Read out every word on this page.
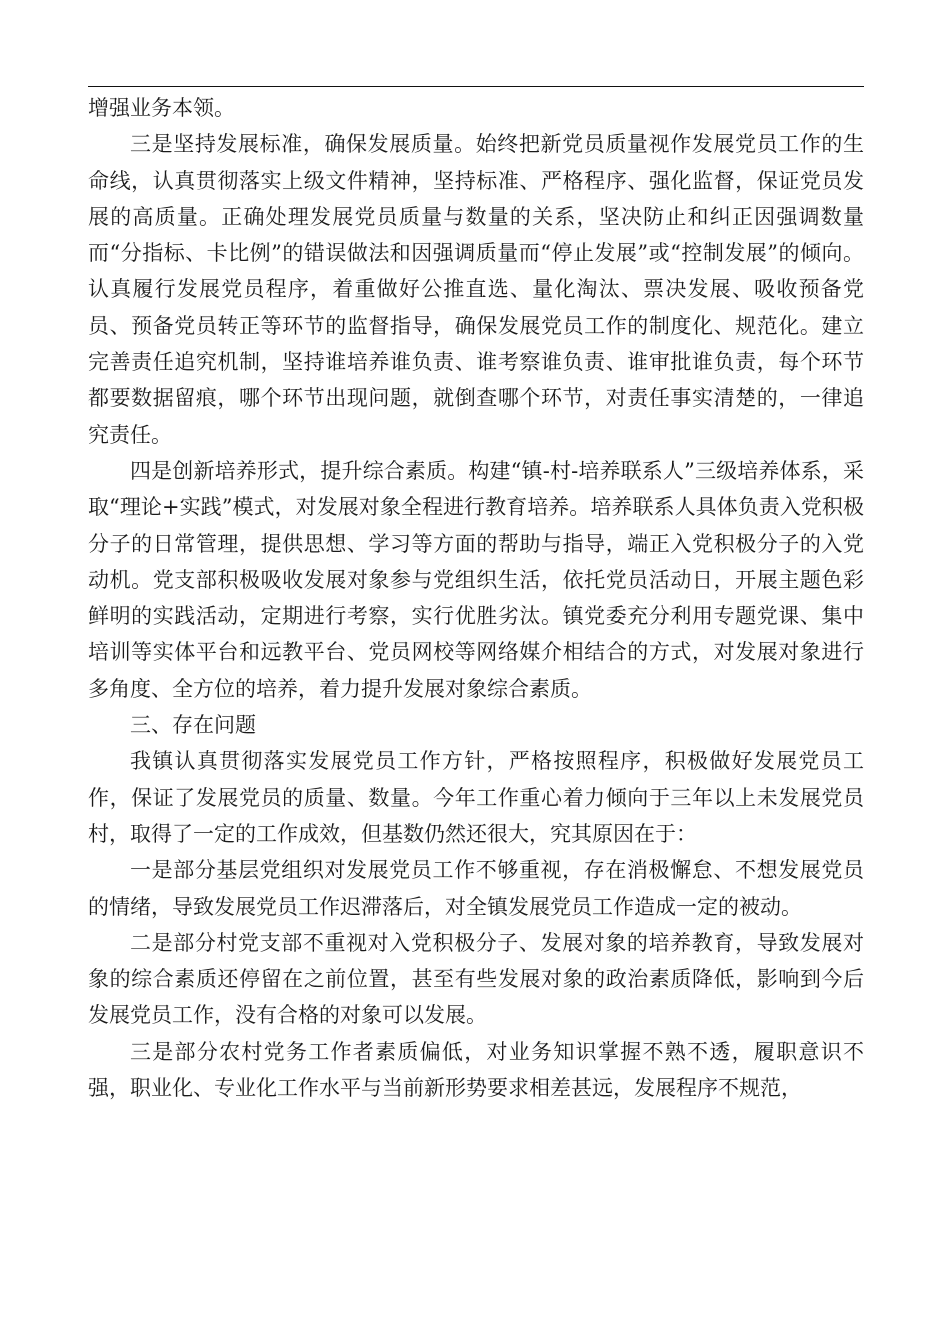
增强业务本领。

三是坚持发展标准，确保发展质量。始终把新党员质量视作发展党员工作的生命线，认真贯彻落实上级文件精神，坚持标准、严格程序、强化监督，保证党员发展的高质量。正确处理发展党员质量与数量的关系，坚决防止和纠正因强调数量而“分指标、卡比例”的错误做法和因强调质量而“停止发展”或“控制发展”的倾向。认真履行发展党员程序，着重做好公推直选、量化淘汰、票决发展、吸收预备党员、预备党员转正等环节的监督指导，确保发展党员工作的制度化、规范化。建立完善责任追究机制，坚持谁培养谁负责、谁考察谁负责、谁审批谁负责，每个环节都要数据留痕，哪个环节出现问题，就倒查哪个环节，对责任事实清楚的，一律追究责任。

四是创新培养形式，提升综合素质。构建“镇-村-培养联系人”三级培养体系，采取“理论+实践”模式，对发展对象全程进行教育培养。培养联系人具体负责入党积极分子的日常管理，提供思想、学习等方面的帮助与指导，端正入党积极分子的入党动机。党支部积极吸收发展对象参与党组织生活，依托党员活动日，开展主题色彩鲜明的实践活动，定期进行考察，实行优胜劣汰。镇党委充分利用专题党课、集中培训等实体平台和远教平台、党员网校等网络媒介相结合的方式，对发展对象进行多角度、全方位的培养，着力提升发展对象综合素质。

三、存在问题

我镇认真贯彻落实发展党员工作方针，严格按照程序，积极做好发展党员工作，保证了发展党员的质量、数量。今年工作重心着力倾向于三年以上未发展党员村，取得了一定的工作成效，但基数仍然还很大，究其原因在于：

一是部分基层党组织对发展党员工作不够重视，存在消极懈怠、不想发展党员的情绪，导致发展党员工作迟滞落后，对全镇发展党员工作造成一定的被动。

二是部分村党支部不重视对入党积极分子、发展对象的培养教育，导致发展对象的综合素质还停留在之前位置，甚至有些发展对象的政治素质降低，影响到今后发展党员工作，没有合格的对象可以发展。

三是部分农村党务工作者素质偏低，对业务知识掌握不熟不透，履职意识不强，职业化、专业化工作水平与当前新形势要求相差甚远，发展程序不规范，
